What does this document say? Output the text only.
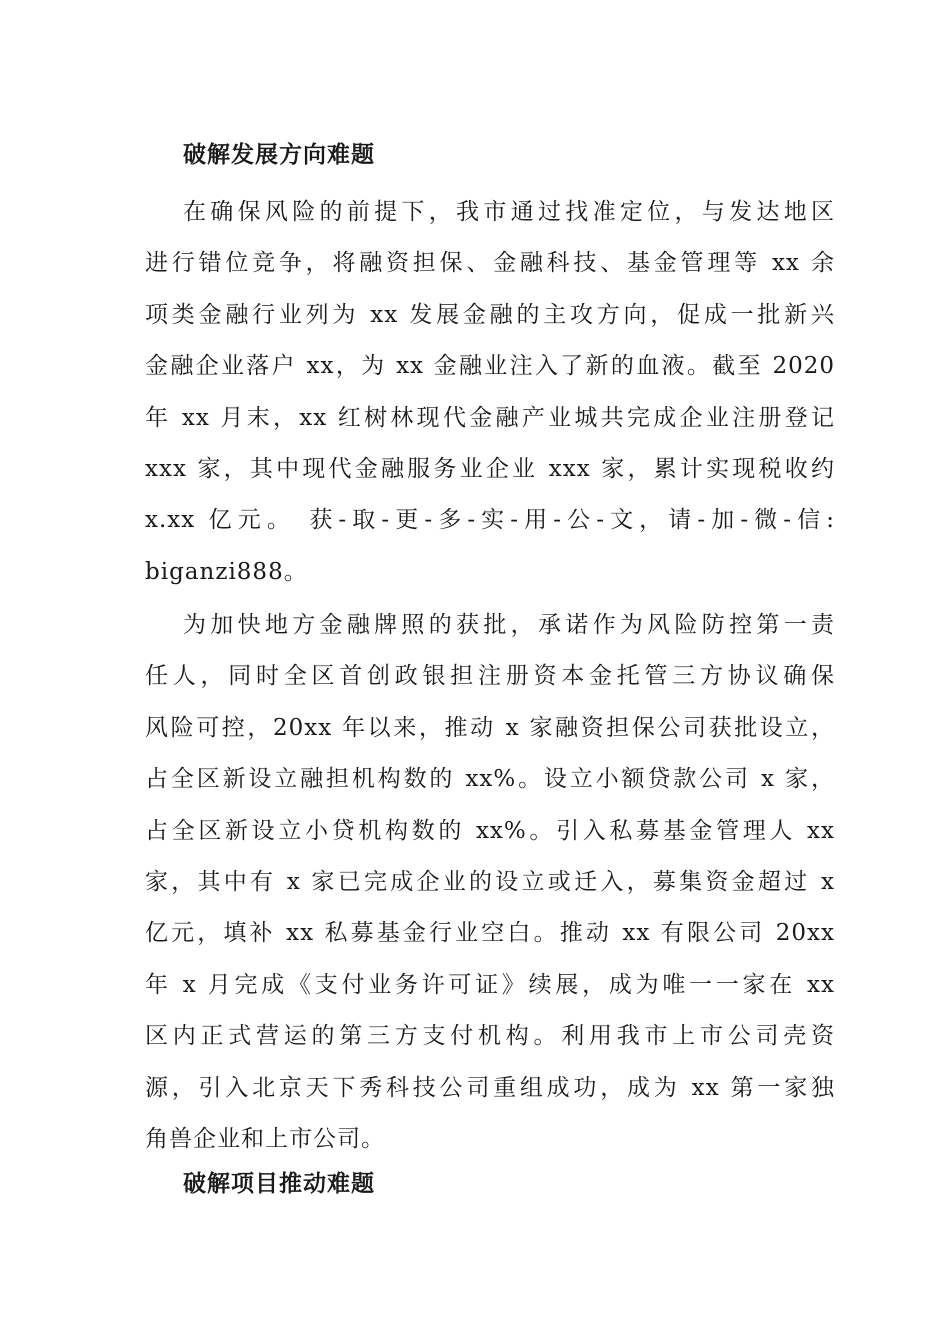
破解发展方向难题
在确保风险的前提下，我市通过找准定位，与发达地区
进行错位竞争，将融资担保、金融科技、基金管理等 xx 余
项类金融行业列为 xx 发展金融的主攻方向，促成一批新兴
金融企业落户 xx，为 xx 金融业注入了新的血液。截至 2020
年 xx 月末，xx 红树林现代金融产业城共完成企业注册登记
xxx 家，其中现代金融服务业企业 xxx 家，累计实现税收约
x.xx 亿元。 获-取-更-多-实-用-公-文，请-加-微-信:
biganzi888。
为加快地方金融牌照的获批，承诺作为风险防控第一责
任人，同时全区首创政银担注册资本金托管三方协议确保
风险可控，20xx 年以来，推动 x 家融资担保公司获批设立，
占全区新设立融担机构数的 xx%。设立小额贷款公司 x 家，
占全区新设立小贷机构数的 xx%。引入私募基金管理人 xx
家，其中有 x 家已完成企业的设立或迁入，募集资金超过 x
亿元，填补 xx 私募基金行业空白。推动 xx 有限公司 20xx
年 x 月完成《支付业务许可证》续展，成为唯一一家在 xx
区内正式营运的第三方支付机构。利用我市上市公司壳资
源，引入北京天下秀科技公司重组成功，成为 xx 第一家独
角兽企业和上市公司。
破解项目推动难题
